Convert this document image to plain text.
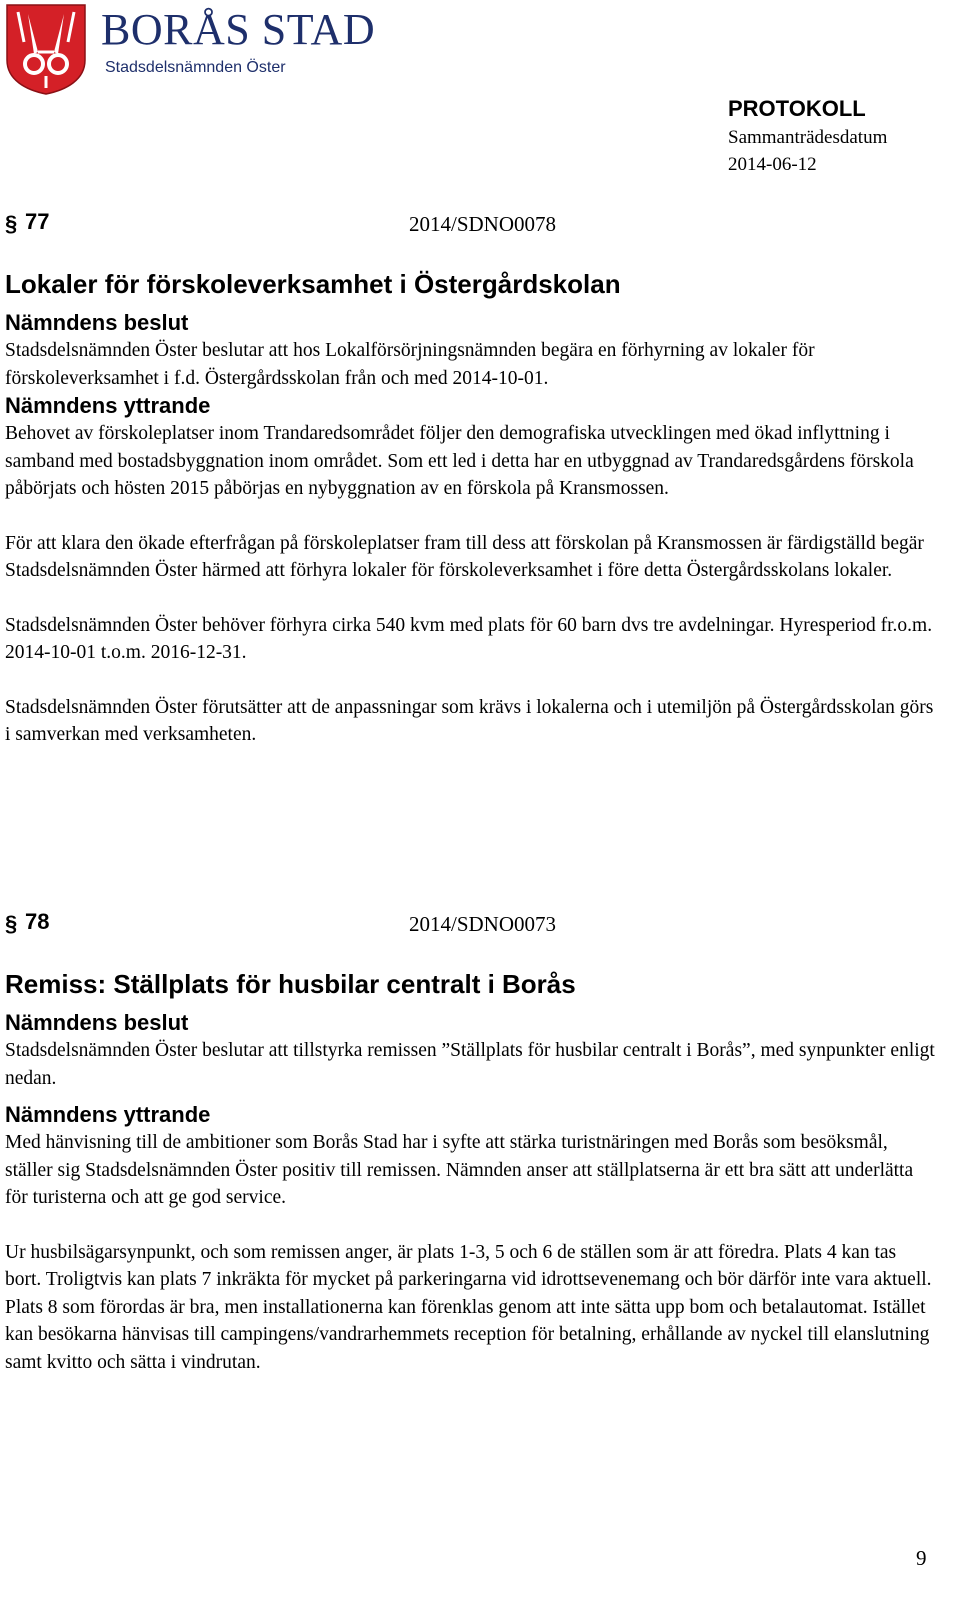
BORÅS STAD
Stadsdelsnämnden Öster
PROTOKOLL
Sammanträdesdatum
2014-06-12
§ 77	2014/SDNO0078
Lokaler för förskoleverksamhet i Östergårdskolan
Nämndens beslut

Stadsdelsnämnden Öster beslutar att hos Lokalförsörjningsnämnden begära en förhyrning av lokaler för förskoleverksamhet i f.d. Östergårdsskolan från och med 2014-10-01.

Nämndens yttrande

Behovet av förskoleplatser inom Trandaredsområdet följer den demografiska utvecklingen med ökad inflyttning i samband med bostadsbyggnation inom området. Som ett led i detta har en utbyggnad av Trandaredsgårdens förskola påbörjats och hösten 2015 påbörjas en nybyggnation av en förskola på Kransmossen.

För att klara den ökade efterfrågan på förskoleplatser fram till dess att förskolan på Kransmossen är färdigställd begär Stadsdelsnämnden Öster härmed att förhyra lokaler för förskoleverksamhet i före detta Östergårdsskolans lokaler.

Stadsdelsnämnden Öster behöver förhyra cirka 540 kvm med plats för 60 barn dvs tre avdelningar. Hyresperiod fr.o.m. 2014-10-01 t.o.m. 2016-12-31.

Stadsdelsnämnden Öster förutsätter att de anpassningar som krävs i lokalerna och i utemiljön på Östergårdsskolan görs i samverkan med verksamheten.

§ 78	2014/SDNO0073
Remiss: Ställplats för husbilar centralt i Borås
Nämndens beslut

Stadsdelsnämnden Öster beslutar att tillstyrka remissen ”Ställplats för husbilar centralt i Borås”, med synpunkter enligt nedan.

Nämndens yttrande

Med hänvisning till de ambitioner som Borås Stad har i syfte att stärka turistnäringen med Borås som besöksmål, ställer sig Stadsdelsnämnden Öster positiv till remissen. Nämnden anser att ställplatserna är ett bra sätt att underlätta för turisterna och att ge god service.

Ur husbilsägarsynpunkt, och som remissen anger, är plats 1-3, 5 och 6 de ställen som är att föredra. Plats 4 kan tas bort. Troligtvis kan plats 7 inkräkta för mycket på parkeringarna vid idrottsevenemang och bör därför inte vara aktuell. Plats 8 som förordas är bra, men installationerna kan förenklas genom att inte sätta upp bom och betalautomat. Istället kan besökarna hänvisas till campingens/vandrarhemmets reception för betalning, erhållande av nyckel till elanslutning samt kvitto och sätta i vindrutan.

9
